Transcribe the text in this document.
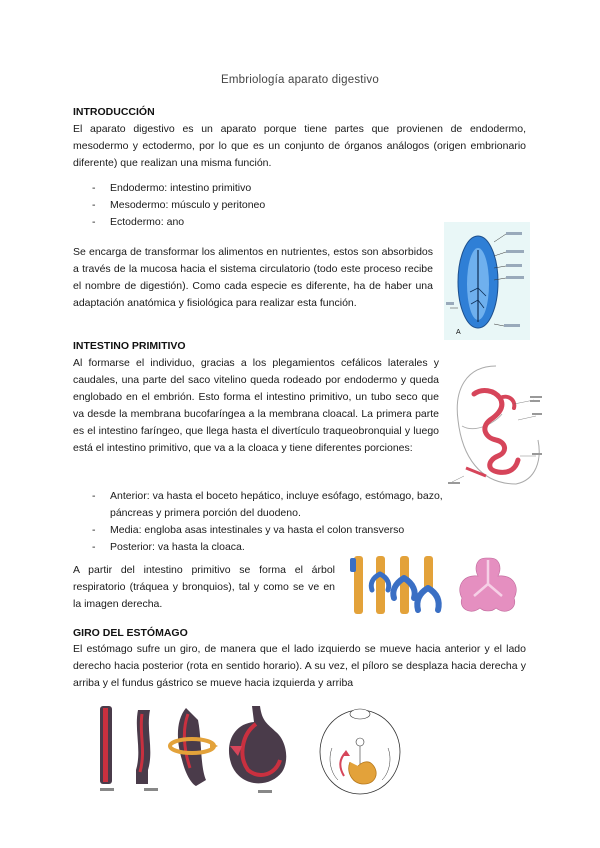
Embriología aparato digestivo
INTRODUCCIÓN
El aparato digestivo es un aparato porque tiene partes que provienen de endodermo, mesodermo y ectodermo, por lo que es un conjunto de órganos análogos (origen embrionario diferente) que realizan una misma función.
- Endodermo: intestino primitivo
- Mesodermo: músculo y peritoneo
- Ectodermo: ano
Se encarga de transformar los alimentos en nutrientes, estos son absorbidos a través de la mucosa hacia el sistema circulatorio (todo este proceso recibe el nombre de digestión). Como cada especie es diferente, ha de haber una adaptación anatómica y fisiológica para realizar esta función.
A
INTESTINO PRIMITIVO
Al formarse el individuo, gracias a los plegamientos cefálicos laterales y caudales, una parte del saco vitelino queda rodeado por endodermo y queda englobado en el embrión. Esto forma el intestino primitivo, un tubo seco que va desde la membrana bucofaríngea a la membrana cloacal. La primera parte es el intestino faríngeo, que llega hasta el divertículo traqueobronquial y luego está el intestino primitivo, que va a la cloaca y tiene diferentes porciones:
- Anterior: va hasta el boceto hepático, incluye esófago, estómago, bazo, páncreas y primera porción del duodeno.
- Media: engloba asas intestinales y va hasta el colon transverso
- Posterior: va hasta la cloaca.
A partir del intestino primitivo se forma el árbol respiratorio (tráquea y bronquios), tal y como se ve en la imagen derecha.
GIRO DEL ESTÓMAGO
El estómago sufre un giro, de manera que el lado izquierdo se mueve hacia anterior y el lado derecho hacia posterior (rota en sentido horario). A su vez, el píloro se desplaza hacia derecha y arriba y el fundus gástrico se mueve hacia izquierda y arriba
